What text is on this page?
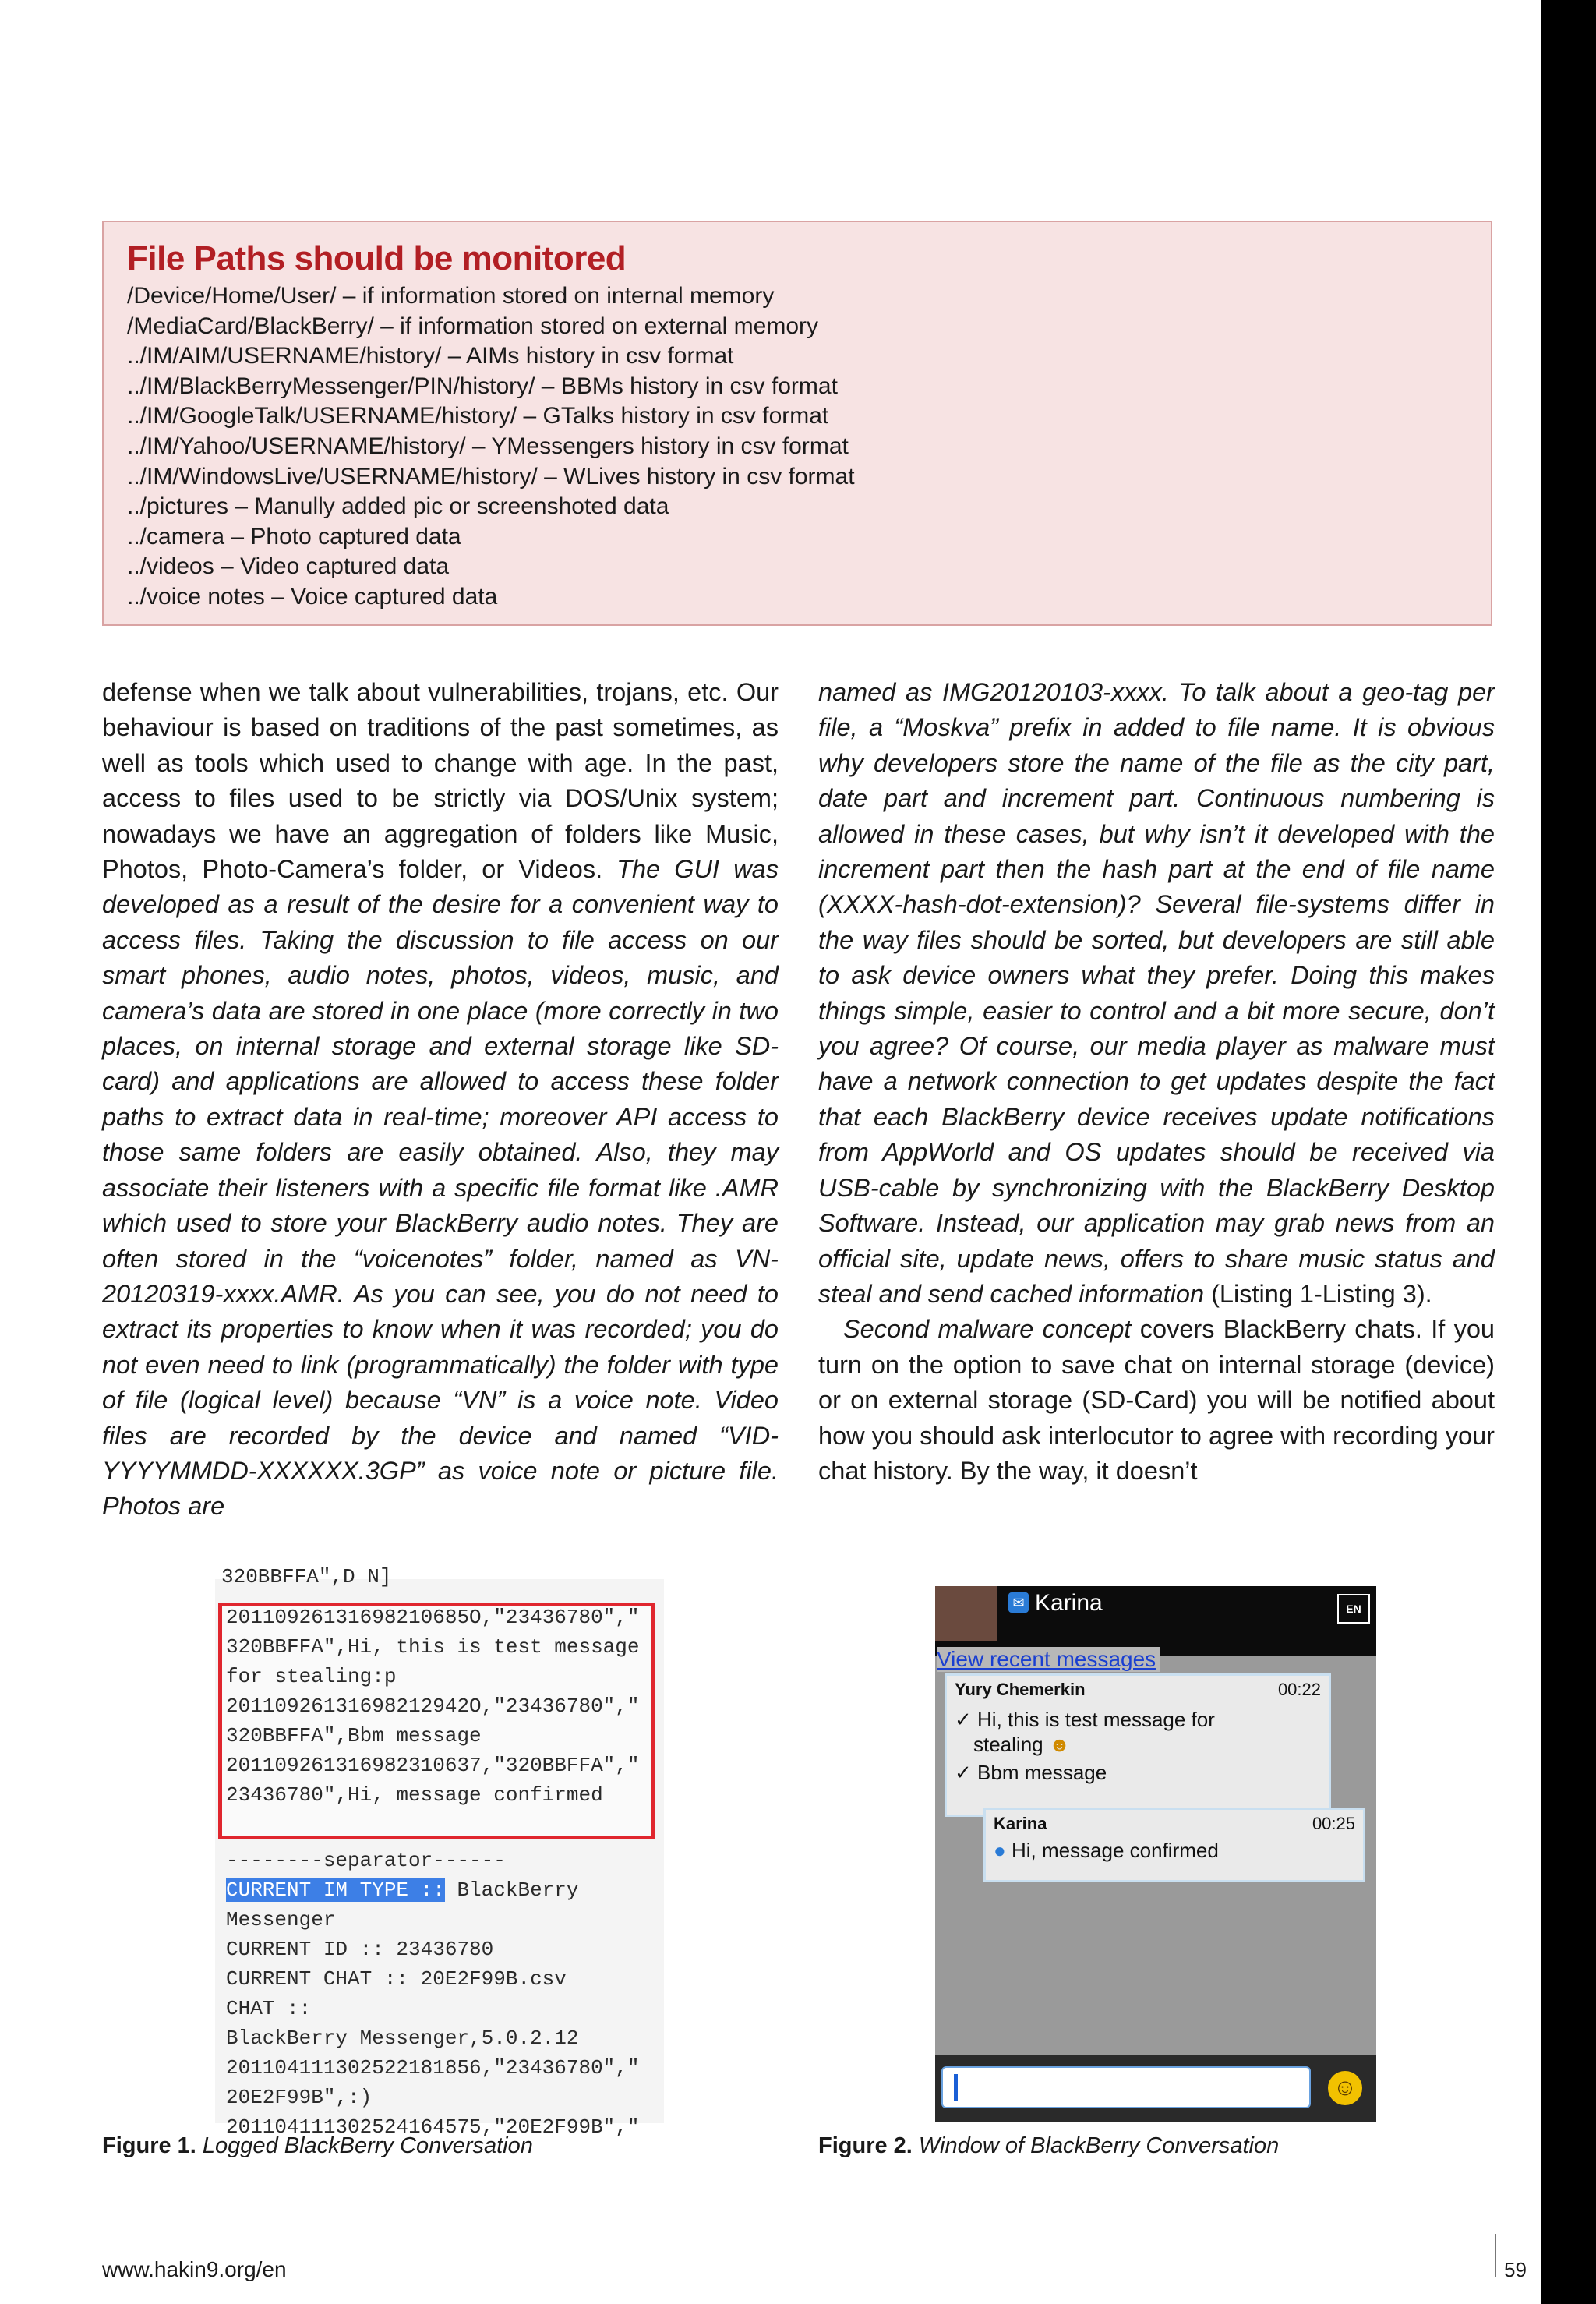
File Paths should be monitored
/Device/Home/User/ – if information stored on internal memory
/MediaCard/BlackBerry/ – if information stored on external memory
../IM/AIM/USERNAME/history/ – AIMs history in csv format
../IM/BlackBerryMessenger/PIN/history/ – BBMs history in csv format
../IM/GoogleTalk/USERNAME/history/ – GTalks history in csv format
../IM/Yahoo/USERNAME/history/ – YMessengers history in csv format
../IM/WindowsLive/USERNAME/history/ – WLives history in csv format
../pictures – Manully added pic or screenshoted data
../camera – Photo captured data
../videos – Video captured data
../voice notes – Voice captured data

defense when we talk about vulnerabilities, trojans, etc. Our behaviour is based on traditions of the past sometimes, as well as tools which used to change with age. In the past, access to files used to be strictly via DOS/Unix system; nowadays we have an aggregation of folders like Music, Photos, Photo-Camera’s folder, or Videos. The GUI was developed as a result of the desire for a convenient way to access files. Taking the discussion to file access on our smart phones, audio notes, photos, videos, music, and camera’s data are stored in one place (more correctly in two places, on internal storage and external storage like SD-card) and applications are allowed to access these folder paths to extract data in real-time; moreover API access to those same folders are easily obtained. Also, they may associate their listeners with a specific file format like .AMR which used to store your BlackBerry audio notes. They are often stored in the “voicenotes” folder, named as VN-20120319-xxxx.AMR. As you can see, you do not need to extract its properties to know when it was recorded; you do not even need to link (programmatically) the folder with type of file (logical level) because “VN” is a voice note. Video files are recorded by the device and named “VID-YYYYMMDD-XXXXXX.3GP” as voice note or picture file. Photos are

named as IMG20120103-xxxx. To talk about a geo-tag per file, a “Moskva” prefix in added to file name. It is obvious why developers store the name of the file as the city part, date part and increment part. Continuous numbering is allowed in these cases, but why isn’t it developed with the increment part then the hash part at the end of file name (XXXX-hash-dot-extension)? Several file-systems differ in the way files should be sorted, but developers are still able to ask device owners what they prefer. Doing this makes things simple, easier to control and a bit more secure, don’t you agree? Of course, our media player as malware must have a network connection to get updates despite the fact that each BlackBerry device receives update notifications from AppWorld and OS updates should be received via USB-cable by synchronizing with the BlackBerry Desktop Software. Instead, our application may grab news from an official site, update news, offers to share music status and steal and send cached information (Listing 1-Listing 3).

Second malware concept covers BlackBerry chats. If you turn on the option to save chat on internal storage (device) or on external storage (SD-Card) you will be notified about how you should ask interlocutor to agree with recording your chat history. By the way, it doesn’t

320BBFFA",D N]
20110926131698210685O,"23436780","
320BBFFA",Hi, this is test message
for stealing:p
20110926131698212942O,"23436780","
320BBFFA",Bbm message
201109261316982310637,"320BBFFA","
23436780",Hi, message confirmed
--------separator------
CURRENT IM TYPE :: BlackBerry
Messenger
CURRENT ID :: 23436780
CURRENT CHAT :: 20E2F99B.csv
CHAT ::
BlackBerry Messenger,5.0.2.12
201104111302522181856,"23436780","
20E2F99B",:)
201104111302524164575,"20E2F99B","
✉ Karina	EN
View recent messages
Yury Chemerkin	00:22
✓ Hi, this is test message for
stealing ☻
✓ Bbm message
Karina	00:25
● Hi, message confirmed
☺
Figure 1. Logged BlackBerry Conversation	Figure 2. Window of BlackBerry Conversation
www.hakin9.org/en	59
